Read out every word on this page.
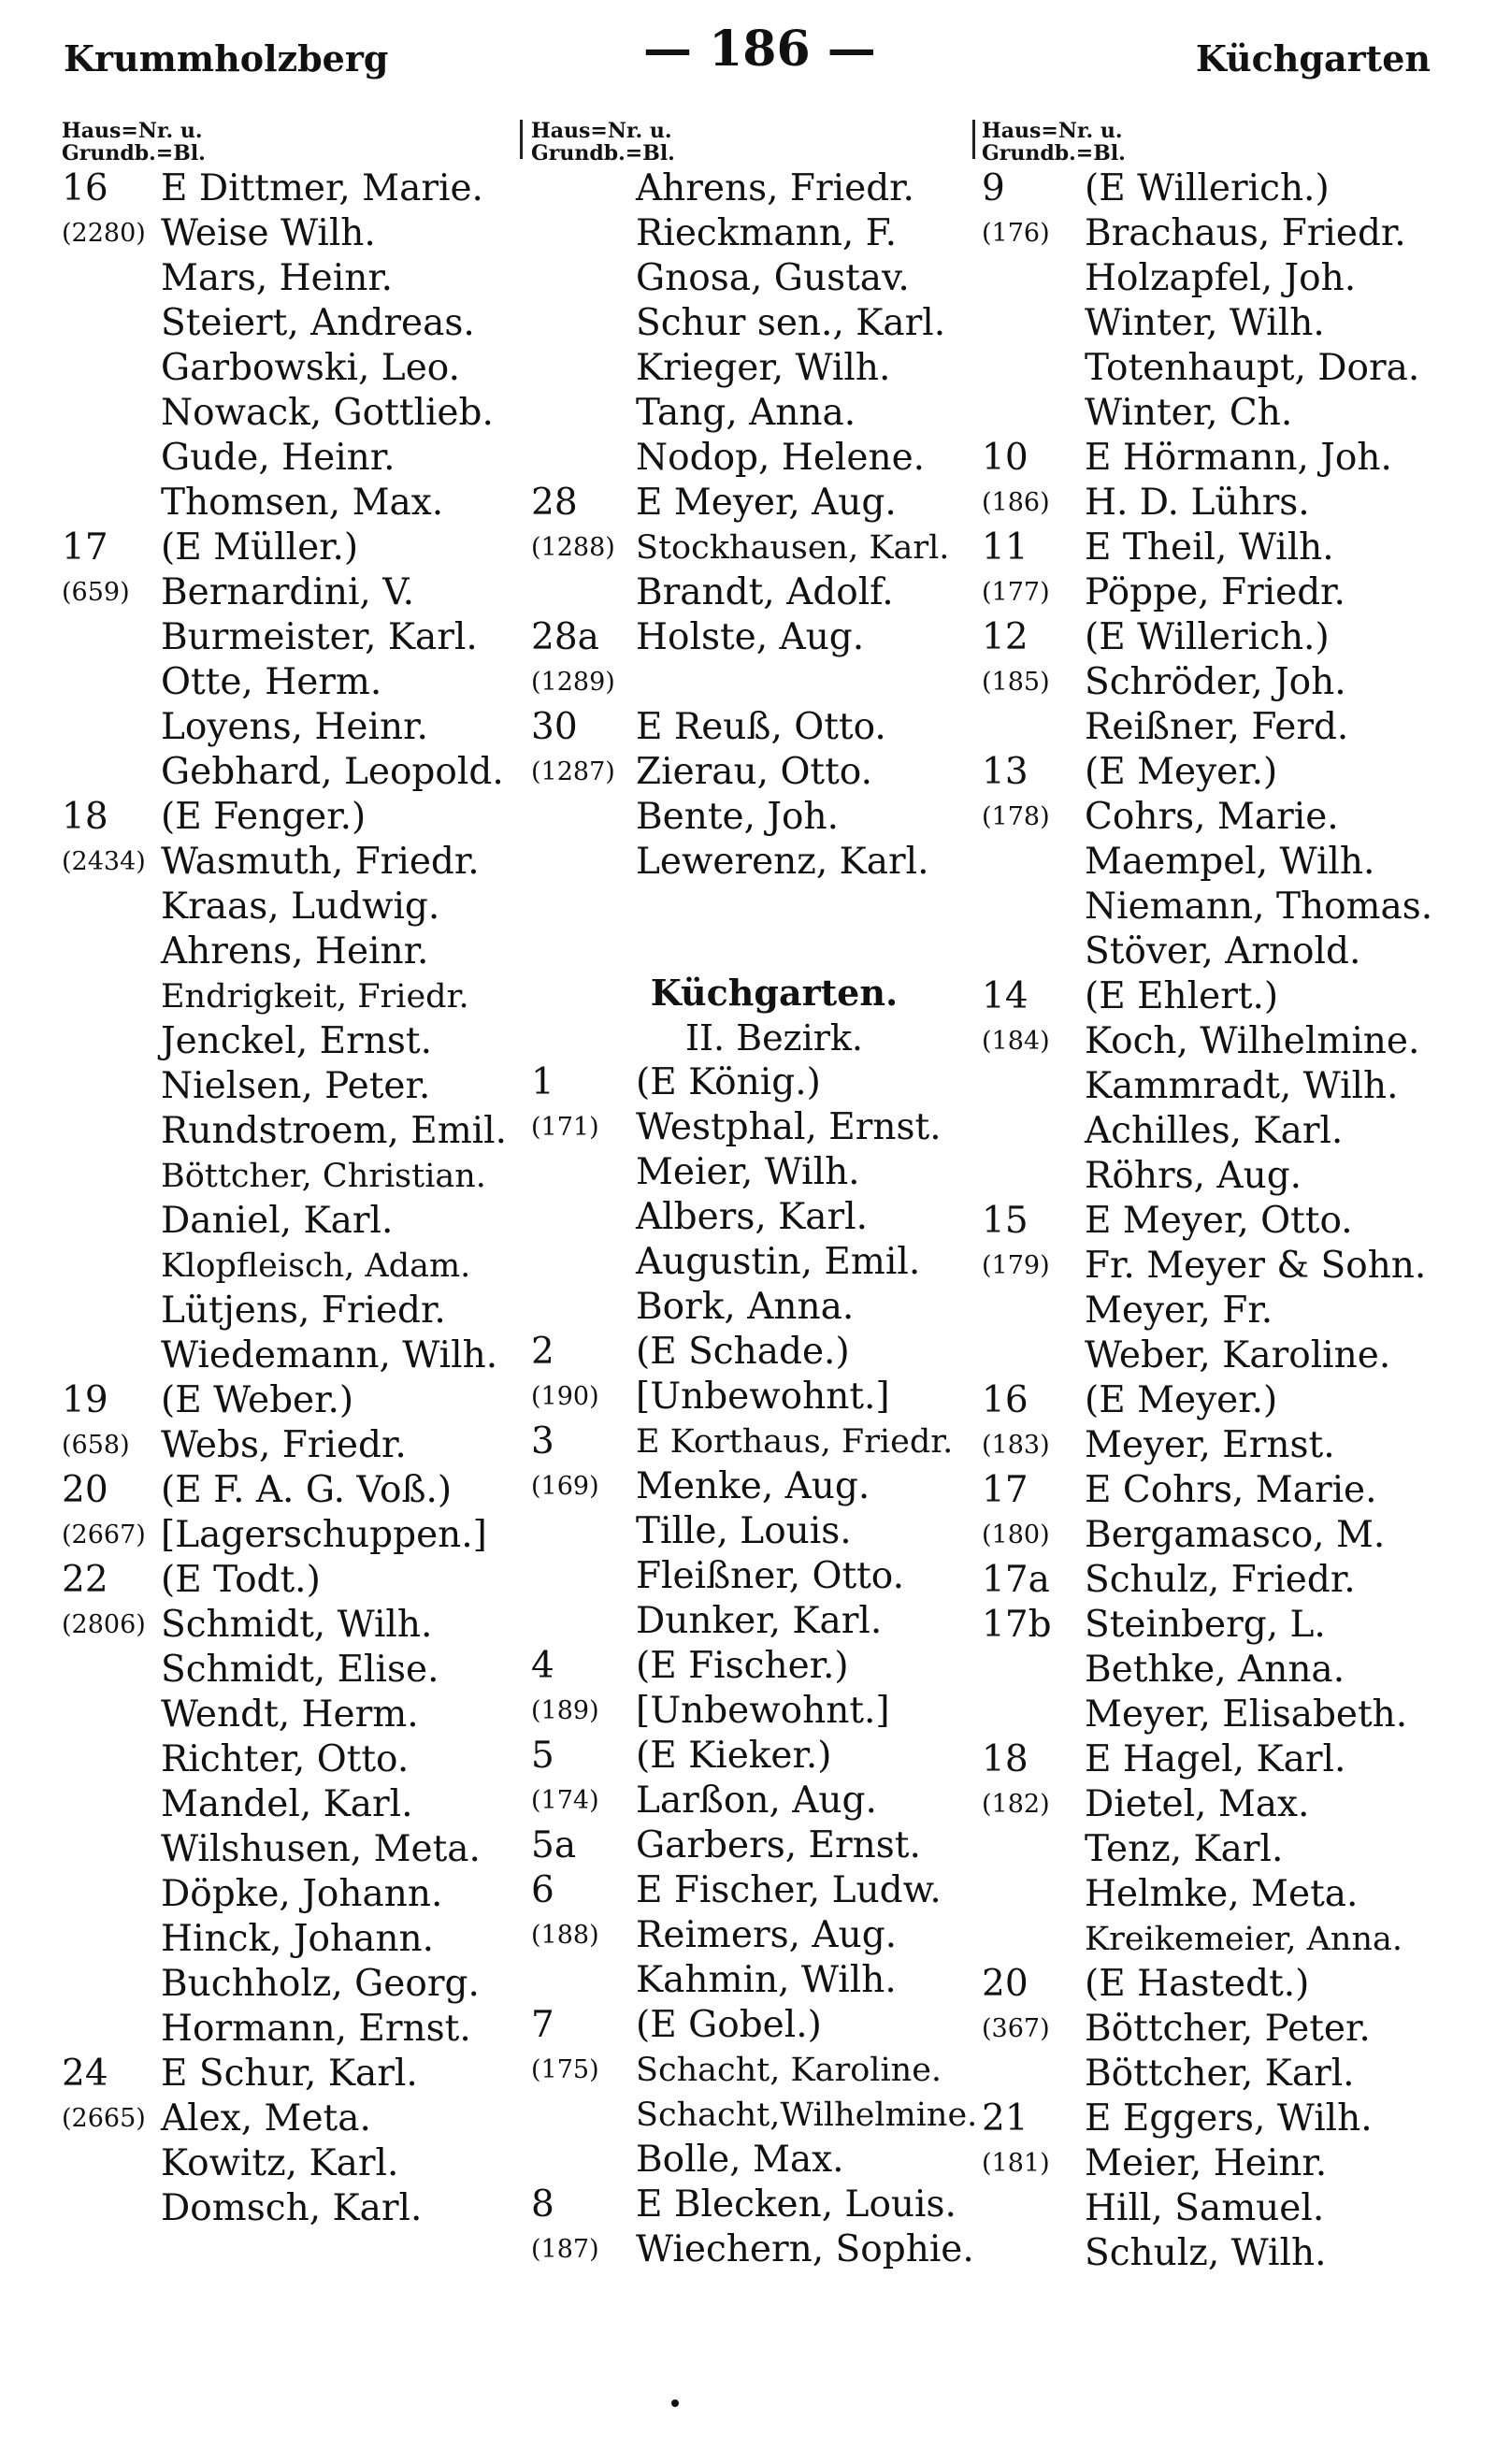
Krummholzberg	— 186 —	Küchgarten
Haus=Nr. u.
Grundb.=Bl.
16 E Dittmer, Marie.
(2280) Weise Wilh.
Mars, Heinr.
Steiert, Andreas.
Garbowski, Leo.
Nowack, Gottlieb.
Gude, Heinr.
Thomsen, Max.
17 (E Müller.)
(659) Bernardini, V.
Burmeister, Karl.
Otte, Herm.
Loyens, Heinr.
Gebhard, Leopold.
18 (E Fenger.)
(2434) Wasmuth, Friedr.
Kraas, Ludwig.
Ahrens, Heinr.
Endrigkeit, Friedr.
Jenckel, Ernst.
Nielsen, Peter.
Rundstroem, Emil.
Böttcher, Christian.
Daniel, Karl.
Klopfleisch, Adam.
Lütjens, Friedr.
Wiedemann, Wilh.
19 (E Weber.)
(658) Webs, Friedr.
20 (E F. A. G. Voß.)
(2667) [Lagerschuppen.]
22 (E Todt.)
(2806) Schmidt, Wilh.
Schmidt, Elise.
Wendt, Herm.
Richter, Otto.
Mandel, Karl.
Wilshusen, Meta.
Döpke, Johann.
Hinck, Johann.
Buchholz, Georg.
Hormann, Ernst.
24 E Schur, Karl.
(2665) Alex, Meta.
Kowitz, Karl.
Domsch, Karl.
Haus=Nr. u.
Grundb.=Bl.
Ahrens, Friedr.
Rieckmann, F.
Gnosa, Gustav.
Schur sen., Karl.
Krieger, Wilh.
Tang, Anna.
Nodop, Helene.
28 E Meyer, Aug.
(1288) Stockhausen, Karl.
Brandt, Adolf.
28a Holste, Aug.
(1289)
30 E Reuß, Otto.
(1287) Zierau, Otto.
Bente, Joh.
Lewerenz, Karl.
Küchgarten.
II. Bezirk.
1 (E König.)
(171) Westphal, Ernst.
Meier, Wilh.
Albers, Karl.
Augustin, Emil.
Bork, Anna.
2 (E Schade.)
(190) [Unbewohnt.]
3 E Korthaus, Friedr.
(169) Menke, Aug.
Tille, Louis.
Fleißner, Otto.
Dunker, Karl.
4 (E Fischer.)
(189) [Unbewohnt.]
5 (E Kieker.)
(174) Larßon, Aug.
5a Garbers, Ernst.
6 E Fischer, Ludw.
(188) Reimers, Aug.
Kahmin, Wilh.
7 (E Gobel.)
(175) Schacht, Karoline.
Schacht,Wilhelmine.
Bolle, Max.
8 E Blecken, Louis.
(187) Wiechern, Sophie.
Haus=Nr. u.
Grundb.=Bl.
9 (E Willerich.)
(176) Brachaus, Friedr.
Holzapfel, Joh.
Winter, Wilh.
Totenhaupt, Dora.
Winter, Ch.
10 E Hörmann, Joh.
(186) H. D. Lührs.
11 E Theil, Wilh.
(177) Pöppe, Friedr.
12 (E Willerich.)
(185) Schröder, Joh.
Reißner, Ferd.
13 (E Meyer.)
(178) Cohrs, Marie.
Maempel, Wilh.
Niemann, Thomas.
Stöver, Arnold.
14 (E Ehlert.)
(184) Koch, Wilhelmine.
Kammradt, Wilh.
Achilles, Karl.
Röhrs, Aug.
15 E Meyer, Otto.
(179) Fr. Meyer & Sohn.
Meyer, Fr.
Weber, Karoline.
16 (E Meyer.)
(183) Meyer, Ernst.
17 E Cohrs, Marie.
(180) Bergamasco, M.
17a Schulz, Friedr.
17b Steinberg, L.
Bethke, Anna.
Meyer, Elisabeth.
18 E Hagel, Karl.
(182) Dietel, Max.
Tenz, Karl.
Helmke, Meta.
Kreikemeier, Anna.
20 (E Hastedt.)
(367) Böttcher, Peter.
Böttcher, Karl.
21 E Eggers, Wilh.
(181) Meier, Heinr.
Hill, Samuel.
Schulz, Wilh.
